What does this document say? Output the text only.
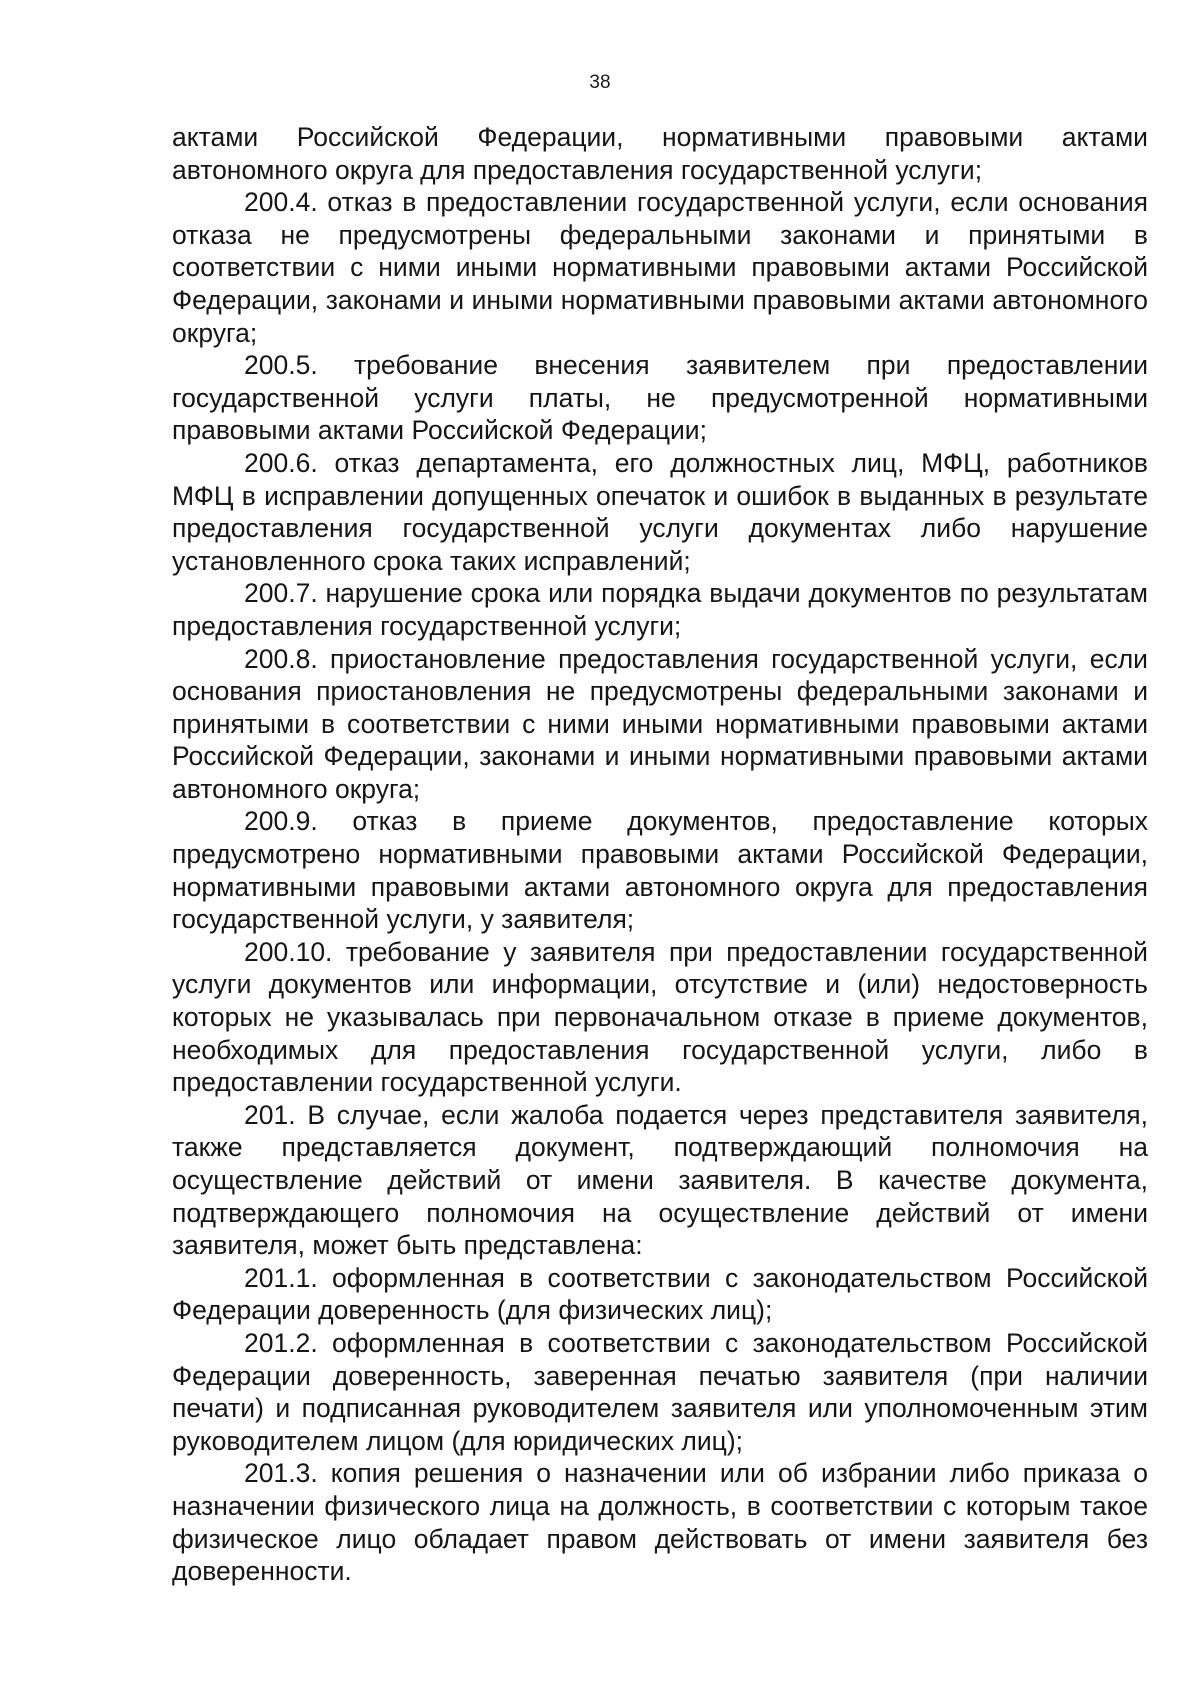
38

актами Российской Федерации, нормативными правовыми актами автономного округа для предоставления государственной услуги;

200.4. отказ в предоставлении государственной услуги, если основания отказа не предусмотрены федеральными законами и принятыми в соответствии с ними иными нормативными правовыми актами Российской Федерации, законами и иными нормативными правовыми актами автономного округа;

200.5. требование внесения заявителем при предоставлении государственной услуги платы, не предусмотренной нормативными правовыми актами Российской Федерации;

200.6. отказ департамента, его должностных лиц, МФЦ, работников МФЦ в исправлении допущенных опечаток и ошибок в выданных в результате предоставления государственной услуги документах либо нарушение установленного срока таких исправлений;

200.7. нарушение срока или порядка выдачи документов по результатам предоставления государственной услуги;

200.8. приостановление предоставления государственной услуги, если основания приостановления не предусмотрены федеральными законами и принятыми в соответствии с ними иными нормативными правовыми актами Российской Федерации, законами и иными нормативными правовыми актами автономного округа;

200.9. отказ в приеме документов, предоставление которых предусмотрено нормативными правовыми актами Российской Федерации, нормативными правовыми актами автономного округа для предоставления государственной услуги, у заявителя;

200.10. требование у заявителя при предоставлении государственной услуги документов или информации, отсутствие и (или) недостоверность которых не указывалась при первоначальном отказе в приеме документов, необходимых для предоставления государственной услуги, либо в предоставлении государственной услуги.

201. В случае, если жалоба подается через представителя заявителя, также представляется документ, подтверждающий полномочия на осуществление действий от имени заявителя. В качестве документа, подтверждающего полномочия на осуществление действий от имени заявителя, может быть представлена:

201.1. оформленная в соответствии с законодательством Российской Федерации доверенность (для физических лиц);

201.2. оформленная в соответствии с законодательством Российской Федерации доверенность, заверенная печатью заявителя (при наличии печати) и подписанная руководителем заявителя или уполномоченным этим руководителем лицом (для юридических лиц);

201.3. копия решения о назначении или об избрании либо приказа о назначении физического лица на должность, в соответствии с которым такое физическое лицо обладает правом действовать от имени заявителя без доверенности.
